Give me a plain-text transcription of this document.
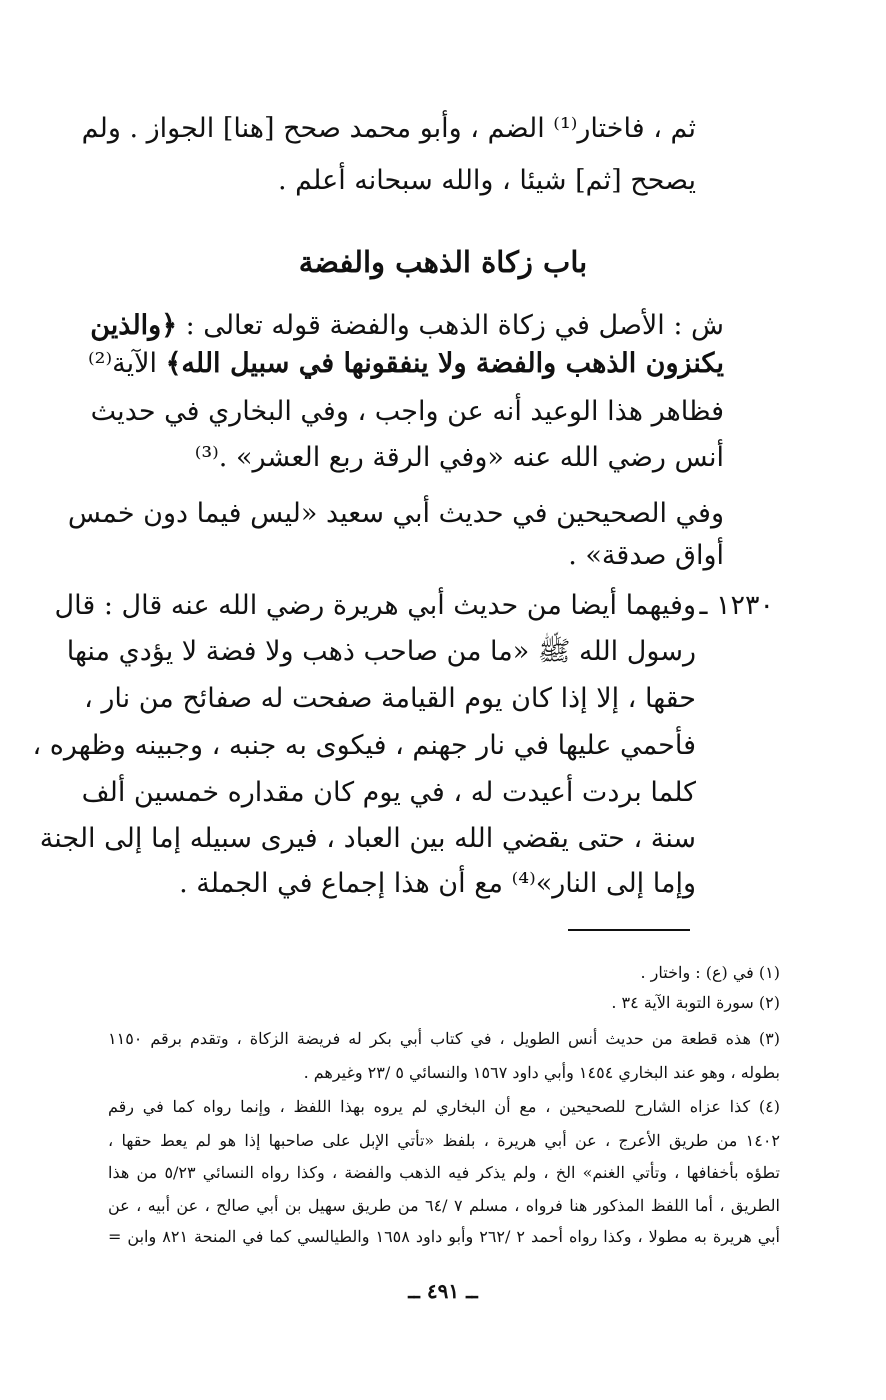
ثم ، فاختار⁽¹⁾ الضم ، وأبو محمد صحح [هنا] الجواز . ولم
يصحح [ثم] شيئا ، والله سبحانه أعلم .
باب زكاة الذهب والفضة
ش : الأصل في زكاة الذهب والفضة قوله تعالى : ﴿والذين
يكنزون الذهب والفضة ولا ينفقونها في سبيل الله﴾ الآية⁽²⁾
فظاهر هذا الوعيد أنه عن واجب ، وفي البخاري في حديث
أنس رضي الله عنه «وفي الرقة ربع العشر» .⁽³⁾
وفي الصحيحين في حديث أبي سعيد «ليس فيما دون خمس
أواق صدقة» .
١٢٣٠ ـ
وفيهما أيضا من حديث أبي هريرة رضي الله عنه قال : قال
رسول الله ﷺ «ما من صاحب ذهب ولا فضة لا يؤدي منها
حقها ، إلا إذا كان يوم القيامة صفحت له صفائح من نار ،
فأحمي عليها في نار جهنم ، فيكوى به جنبه ، وجبينه وظهره ،
كلما بردت أعيدت له ، في يوم كان مقداره خمسين ألف
سنة ، حتى يقضي الله بين العباد ، فيرى سبيله إما إلى الجنة
وإما إلى النار»⁽⁴⁾ مع أن هذا إجماع في الجملة .
(١) في (ع) : واختار .
(٢) سورة التوبة الآية ٣٤ .
(٣) هذه قطعة من حديث أنس الطويل ، في كتاب أبي بكر له فريضة الزكاة ، وتقدم برقم ١١٥٠
بطوله ، وهو عند البخاري ١٤٥٤ وأبي داود ١٥٦٧ والنسائي ٥ /٢٣ وغيرهم .
(٤) كذا عزاه الشارح للصحيحين ، مع أن البخاري لم يروه بهذا اللفظ ، وإنما رواه كما في رقم
١٤٠٢ من طريق الأعرج ، عن أبي هريرة ، بلفظ «تأتي الإبل على صاحبها إذا هو لم يعط حقها ،
تطؤه بأخفافها ، وتأتي الغنم» الخ ، ولم يذكر فيه الذهب والفضة ، وكذا رواه النسائي ٥/٢٣ من هذا
الطريق ، أما اللفظ المذكور هنا فرواه ، مسلم ٧ /٦٤ من طريق سهيل بن أبي صالح ، عن أبيه ، عن
أبي هريرة به مطولا ، وكذا رواه أحمد ٢ /٢٦٢ وأبو داود ١٦٥٨ والطيالسي كما في المنحة ٨٢١ وابن =
ــ ٤٩١ ــ
